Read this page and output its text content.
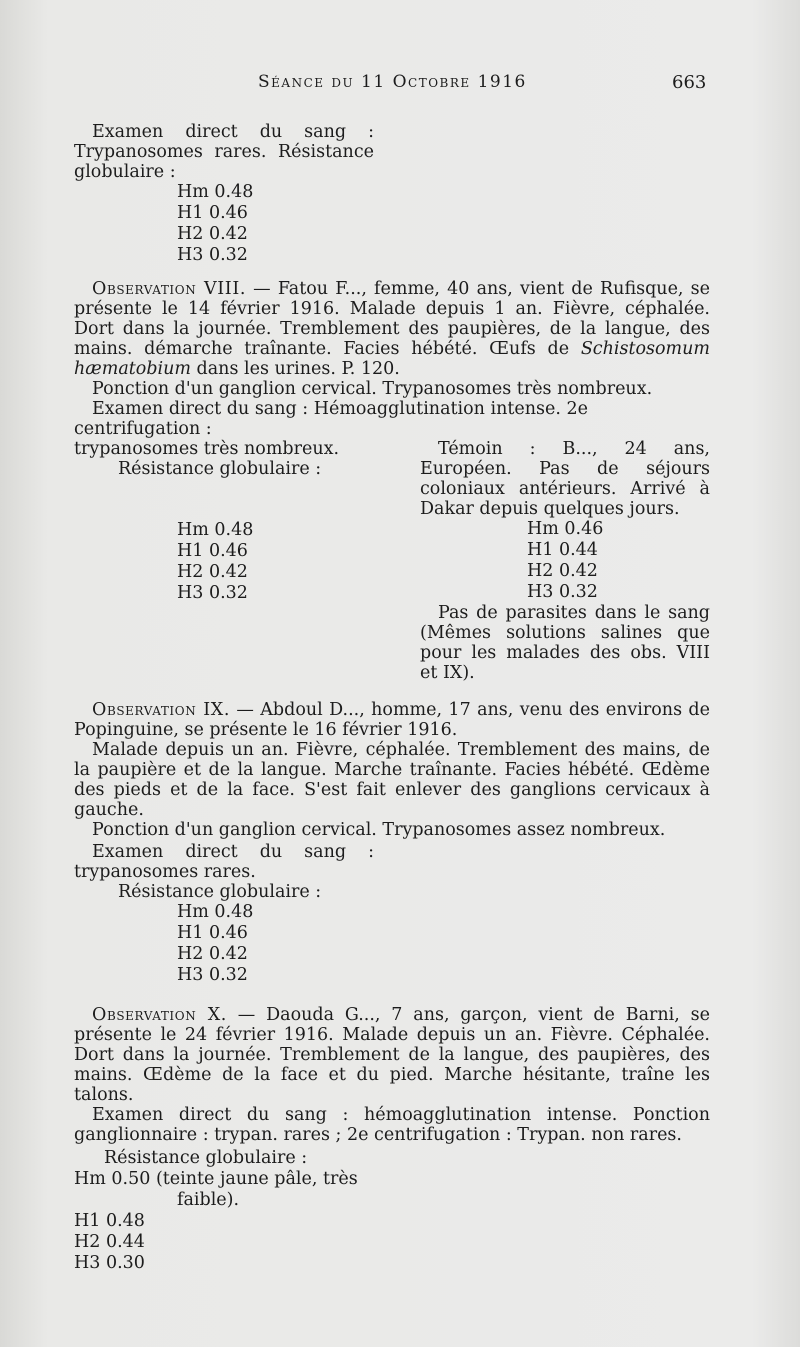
Séance du 11 Octobre 1916	663

Examen direct du sang : Trypanosomes rares. Résistance globulaire :

Hm 0.48
H1 0.46
H2 0.42
H3 0.32

Observation VIII. — Fatou F..., femme, 40 ans, vient de Rufisque, se présente le 14 février 1916. Malade depuis 1 an. Fièvre, céphalée. Dort dans la journée. Tremblement des paupières, de la langue, des mains. démarche traînante. Facies hébété. Œufs de Schistosomum hæmatobium dans les urines. P. 120.

Ponction d'un ganglion cervical. Trypanosomes très nombreux.

Examen direct du sang : Hémoagglutination intense. 2e centrifugation :

trypanosomes très nombreux.
Résistance globulaire :
Hm 0.48
H1 0.46
H2 0.42
H3 0.32
Témoin : B..., 24 ans, Européen. Pas de séjours coloniaux antérieurs. Arrivé à Dakar depuis quelques jours.
Hm 0.46
H1 0.44
H2 0.42
H3 0.32
Pas de parasites dans le sang (Mêmes solutions salines que pour les malades des obs. VIII et IX).

Observation IX. — Abdoul D..., homme, 17 ans, venu des environs de Popinguine, se présente le 16 février 1916.

Malade depuis un an. Fièvre, céphalée. Tremblement des mains, de la paupière et de la langue. Marche traînante. Facies hébété. Œdème des pieds et de la face. S'est fait enlever des ganglions cervicaux à gauche.

Ponction d'un ganglion cervical. Trypanosomes assez nombreux.

Examen direct du sang : trypanosomes rares.

Résistance globulaire :
Hm 0.48
H1 0.46
H2 0.42
H3 0.32

Observation X. — Daouda G..., 7 ans, garçon, vient de Barni, se présente le 24 février 1916. Malade depuis un an. Fièvre. Céphalée. Dort dans la journée. Tremblement de la langue, des paupières, des mains. Œdème de la face et du pied. Marche hésitante, traîne les talons.

Examen direct du sang : hémoagglutination intense. Ponction ganglionnaire : trypan. rares ; 2e centrifugation : Trypan. non rares.

Résistance globulaire :
Hm 0.50 (teinte jaune pâle, très
faible).
H1 0.48
H2 0.44
H3 0.30
